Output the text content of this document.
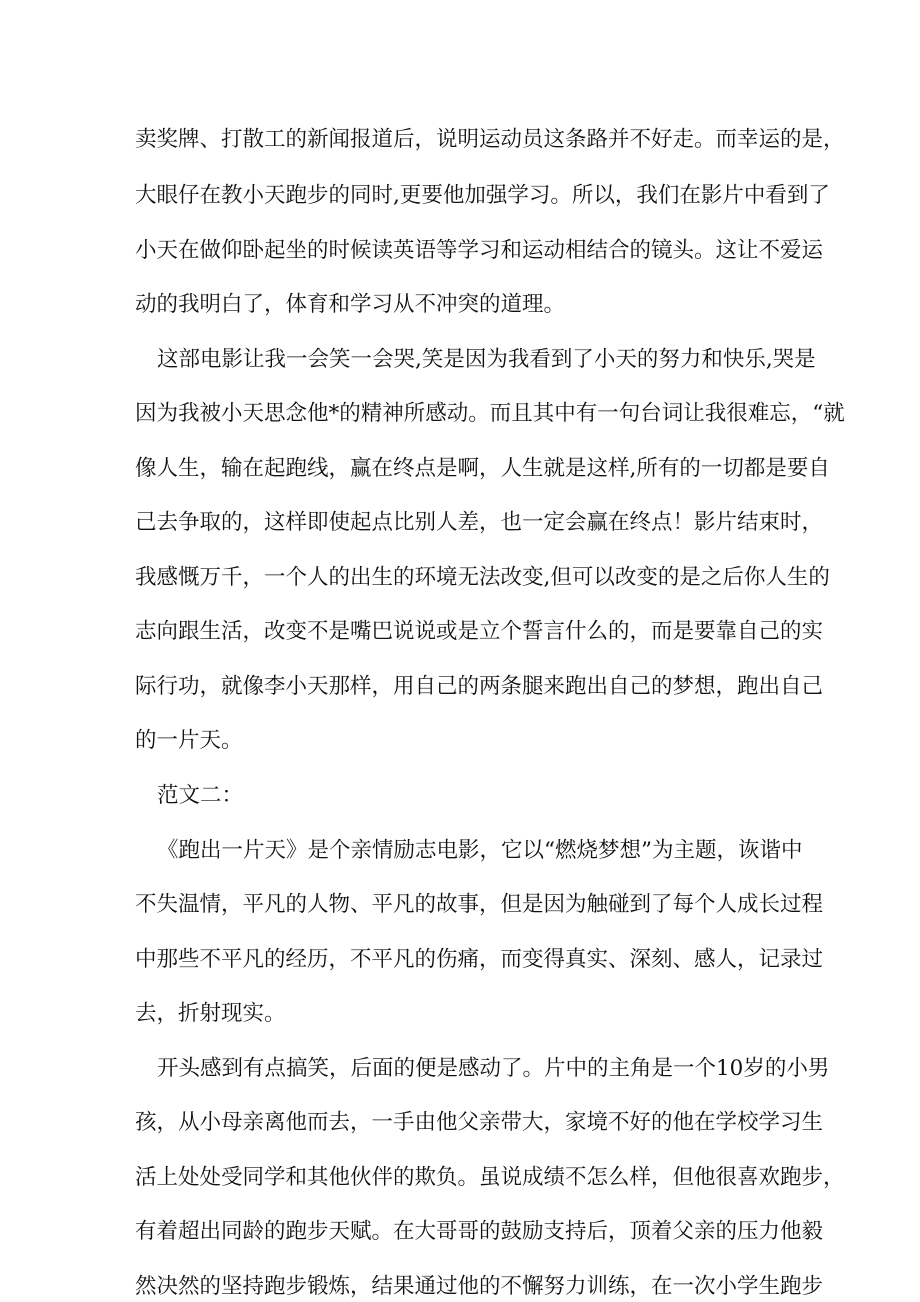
卖奖牌、打散工的新闻报道后，说明运动员这条路并不好走。而幸运的是，
大眼仔在教小天跑步的同时,更要他加强学习。所以，我们在影片中看到了
小天在做仰卧起坐的时候读英语等学习和运动相结合的镜头。这让不爱运
动的我明白了，体育和学习从不冲突的道理。
这部电影让我一会笑一会哭,笑是因为我看到了小天的努力和快乐,哭是
因为我被小天思念他*的精神所感动。而且其中有一句台词让我很难忘，“就
像人生，输在起跑线，赢在终点是啊，人生就是这样,所有的一切都是要自
己去争取的，这样即使起点比别人差，也一定会赢在终点！影片结束时，
我感慨万千，一个人的出生的环境无法改变,但可以改变的是之后你人生的
志向跟生活，改变不是嘴巴说说或是立个誓言什么的，而是要靠自己的实
际行功，就像李小天那样，用自己的两条腿来跑出自己的梦想，跑出自己
的一片天。
范文二：
《跑出一片天》是个亲情励志电影，它以“燃烧梦想”为主题，诙谐中
不失温情，平凡的人物、平凡的故事，但是因为触碰到了每个人成长过程
中那些不平凡的经历，不平凡的伤痛，而变得真实、深刻、感人，记录过
去，折射现实。
开头感到有点搞笑，后面的便是感动了。片中的主角是一个10岁的小男
孩，从小母亲离他而去，一手由他父亲带大，家境不好的他在学校学习生
活上处处受同学和其他伙伴的欺负。虽说成绩不怎么样，但他很喜欢跑步，
有着超出同龄的跑步天赋。在大哥哥的鼓励支持后，顶着父亲的压力他毅
然决然的坚持跑步锻炼，结果通过他的不懈努力训练，在一次小学生跑步
